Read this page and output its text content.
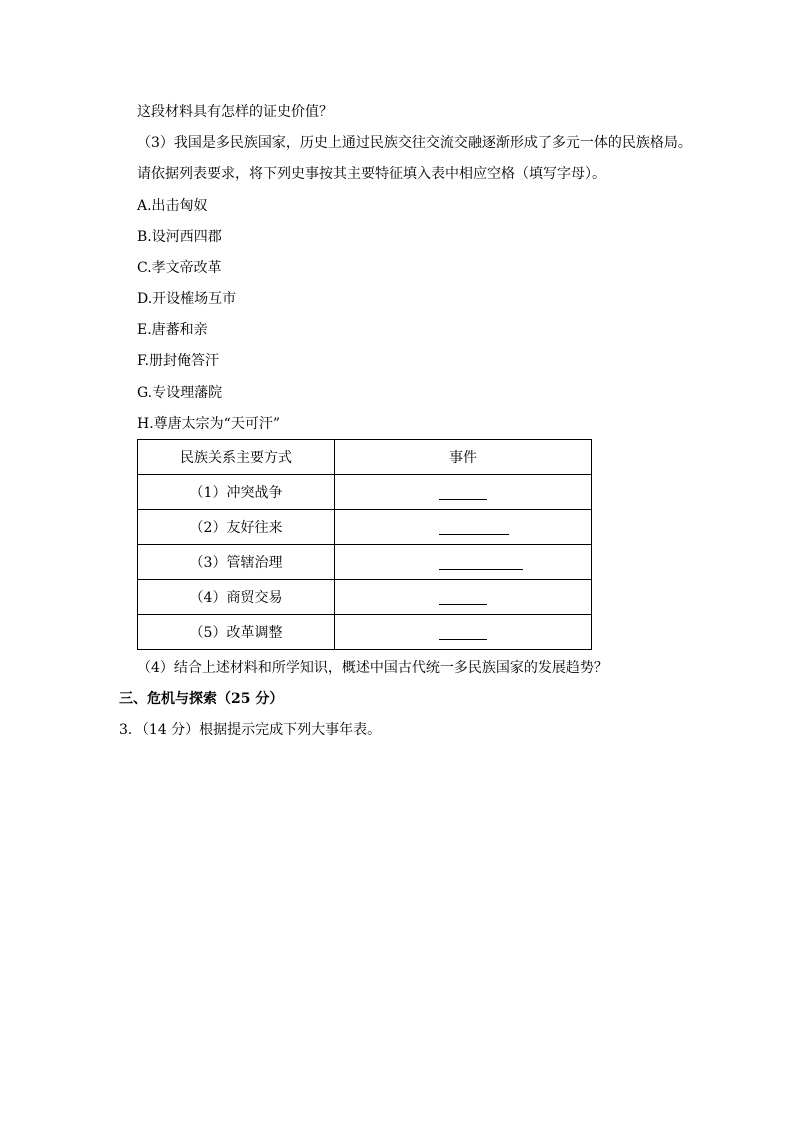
这段材料具有怎样的证史价值？
（3）我国是多民族国家，历史上通过民族交往交流交融逐渐形成了多元一体的民族格局。
请依据列表要求，将下列史事按其主要特征填入表中相应空格（填写字母）。
A.出击匈奴
B.设河西四郡
C.孝文帝改革
D.开设榷场互市
E.唐蕃和亲
F.册封俺答汗
G.专设理藩院
H.尊唐太宗为“天可汗”
民族关系主要方式	事件
（1）冲突战争	
（2）友好往来	
（3）管辖治理	
（4）商贸交易	
（5）改革调整	
（4）结合上述材料和所学知识，概述中国古代统一多民族国家的发展趋势？
三、危机与探索（25 分）
3．（14 分）根据提示完成下列大事年表。
